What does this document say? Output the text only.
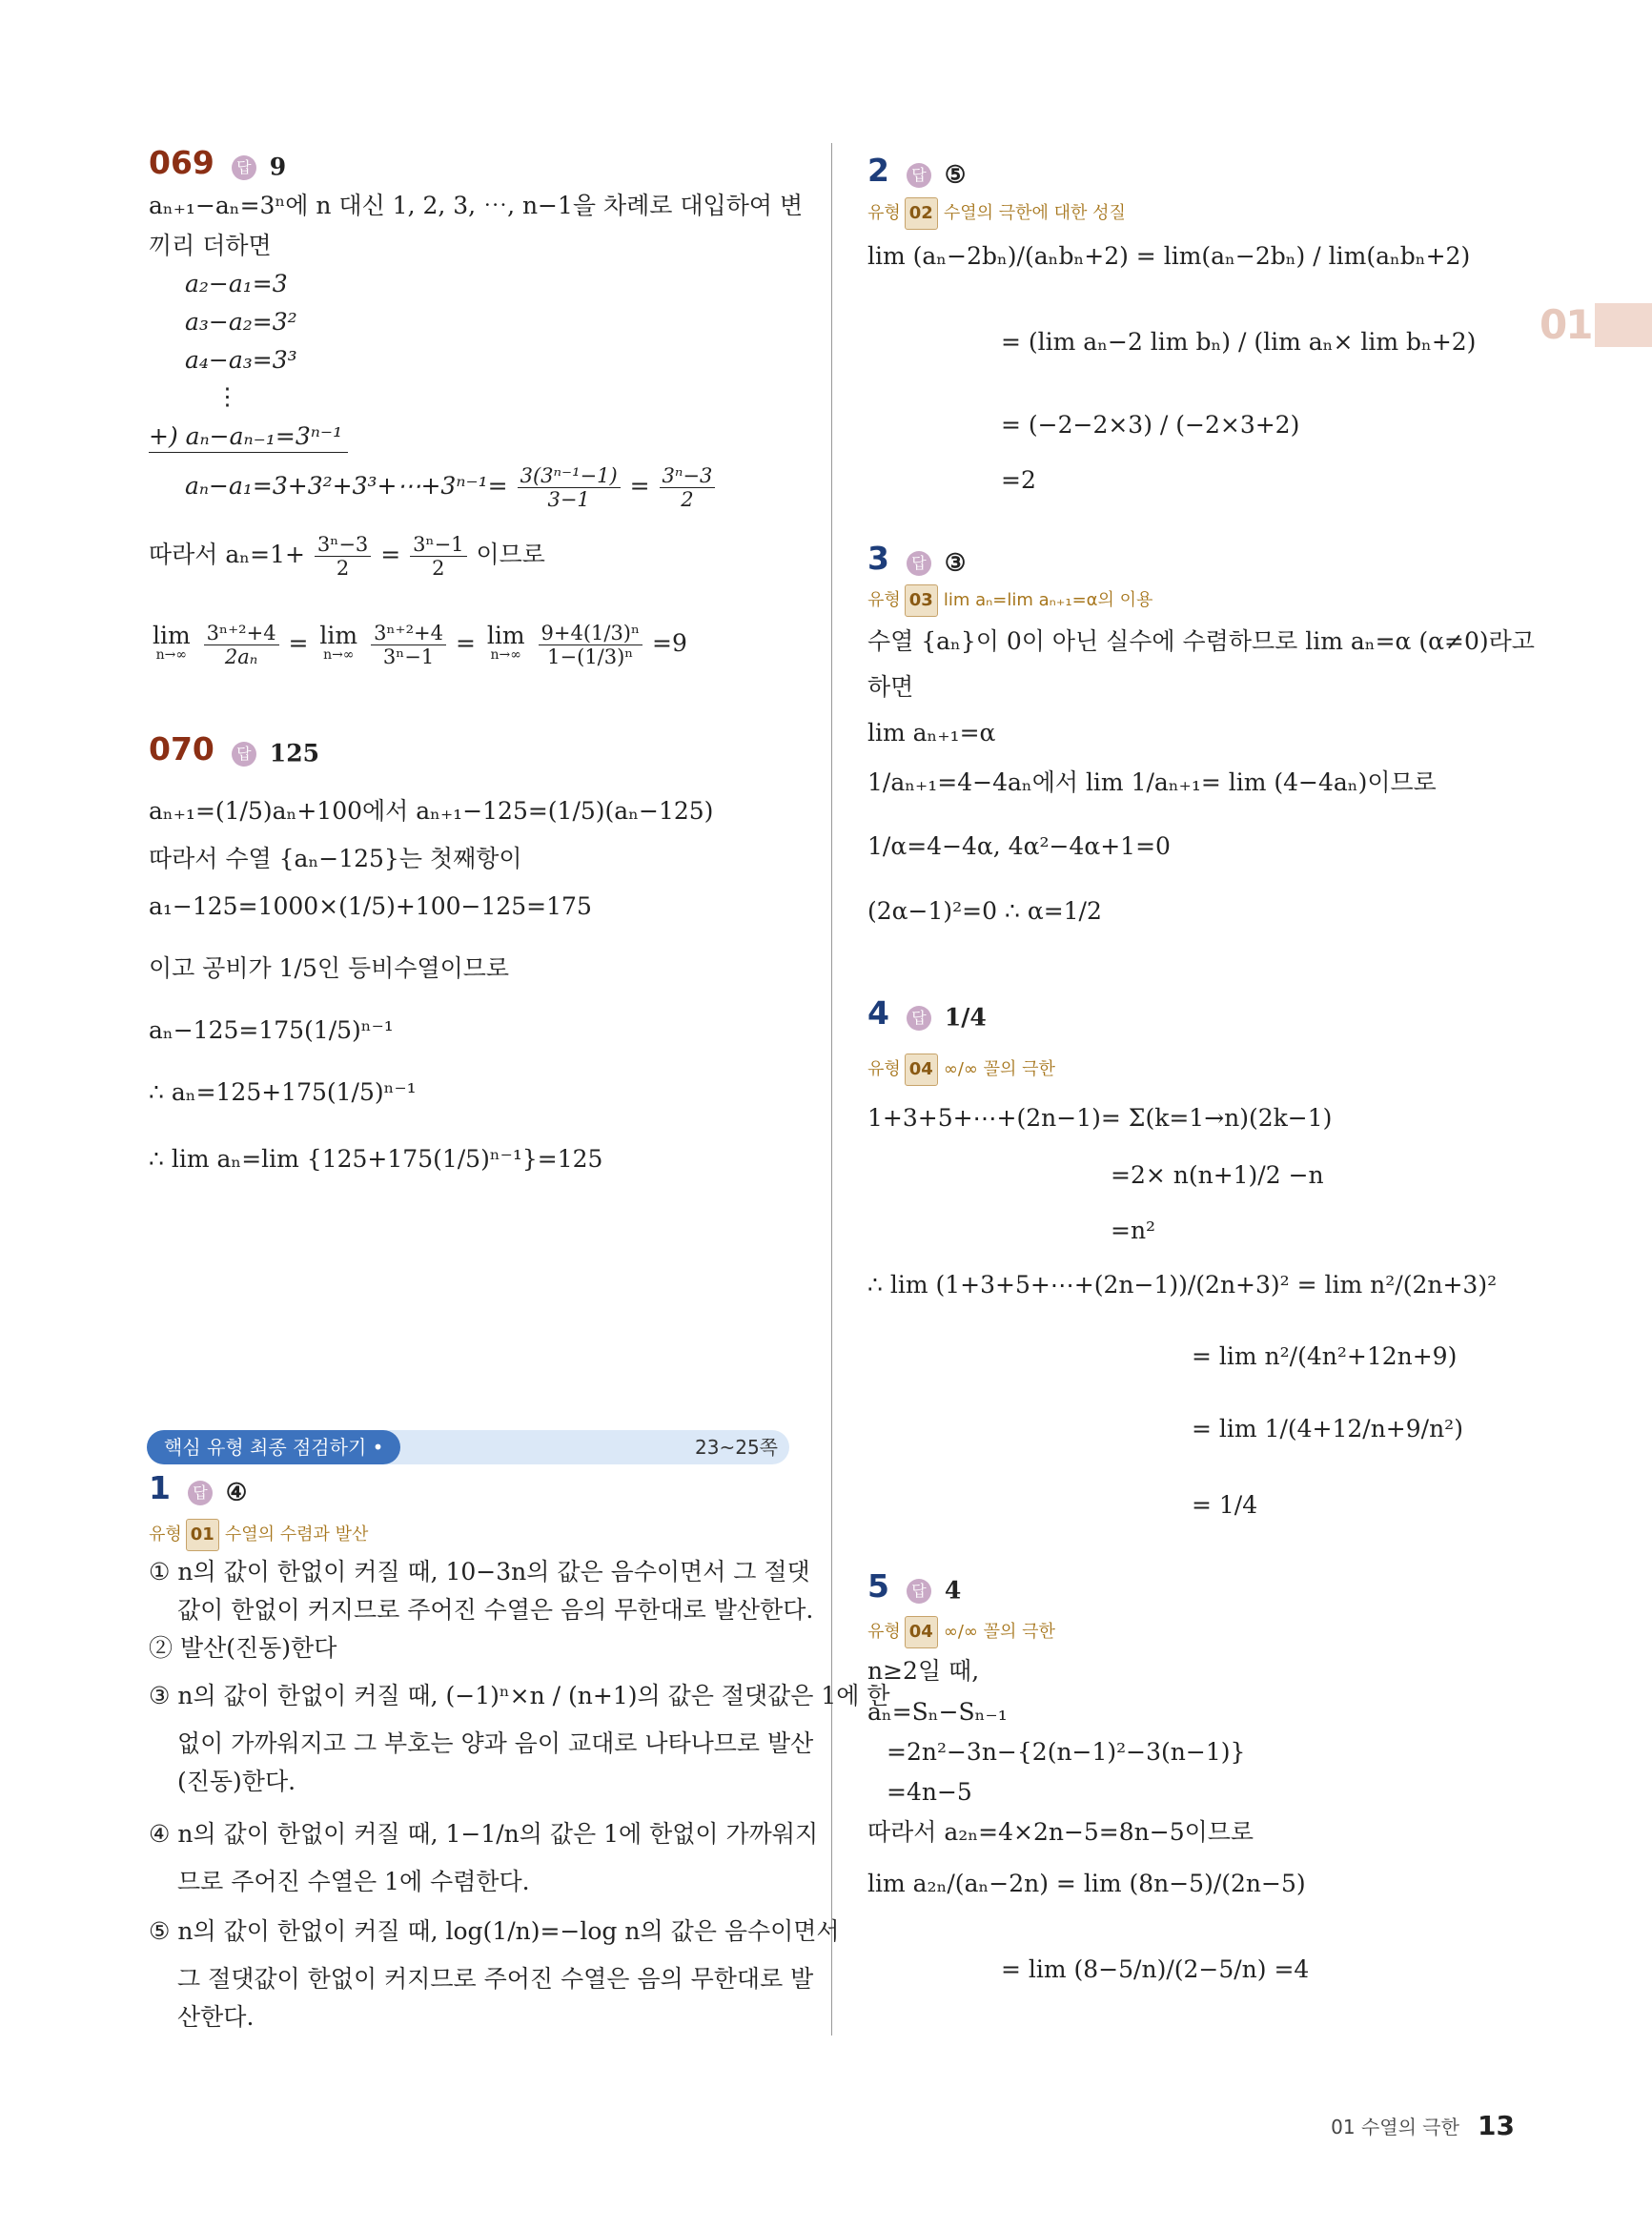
01
069 답 9
aₙ₊₁−aₙ=3ⁿ에 n 대신 1, 2, 3, ⋯, n−1을 차례로 대입하여 변
끼리 더하면
a₂−a₁=3
a₃−a₂=3²
a₄−a₃=3³
⋮
+) aₙ−aₙ₋₁=3ⁿ⁻¹
aₙ−a₁=3+3²+3³+⋯+3ⁿ⁻¹= $\frac{\text{3(3ⁿ⁻¹−1)}}{3-1} = \frac{\text{3ⁿ−3}}{2}$
따라서 $a_n=1+ \frac{\text{3ⁿ−3}}{2} = \frac{\text{3ⁿ−1}}{2}$ 이므로
lim
n→∞
$\frac{\text{3ⁿ⁺²+4}}{\text{2aₙ}} = \lim$
n→∞
$\frac{\text{3ⁿ⁺²+4}}{\text{3ⁿ−1}} = \lim$
n→∞
$\frac{\text{9+4(1/3)ⁿ}}{\text{1−(1/3)ⁿ}} =9$
070 답 125
aₙ₊₁=(1/5)aₙ+100에서 aₙ₊₁−125=(1/5)(aₙ−125)
따라서 수열 {aₙ−125}는 첫째항이
a₁−125=1000×(1/5)+100−125=175
이고 공비가 1/5인 등비수열이므로
aₙ−125=175(1/5)ⁿ⁻¹
∴ aₙ=125+175(1/5)ⁿ⁻¹
∴ lim aₙ=lim {125+175(1/5)ⁿ⁻¹}=125
핵심 유형 최종 점검하기 •	23~25쪽
1 답 ④
유형 01 수열의 수렴과 발산
① n의 값이 한없이 커질 때, 10−3n의 값은 음수이면서 그 절댓
값이 한없이 커지므로 주어진 수열은 음의 무한대로 발산한다.
② 발산(진동)한다
③ n의 값이 한없이 커질 때, (−1)ⁿ×n / (n+1)의 값은 절댓값은 1에 한
없이 가까워지고 그 부호는 양과 음이 교대로 나타나므로 발산
(진동)한다.
④ n의 값이 한없이 커질 때, 1−1/n의 값은 1에 한없이 가까워지
므로 주어진 수열은 1에 수렴한다.
⑤ n의 값이 한없이 커질 때, log(1/n)=−log n의 값은 음수이면서
그 절댓값이 한없이 커지므로 주어진 수열은 음의 무한대로 발
산한다.
2 답 ⑤
유형 02 수열의 극한에 대한 성질
lim (aₙ−2bₙ)/(aₙbₙ+2) = lim(aₙ−2bₙ) / lim(aₙbₙ+2)
= (lim aₙ−2 lim bₙ) / (lim aₙ× lim bₙ+2)
= (−2−2×3) / (−2×3+2)
=2
3 답 ③
유형 03 lim aₙ=lim aₙ₊₁=α의 이용
수열 {aₙ}이 0이 아닌 실수에 수렴하므로 lim aₙ=α (α≠0)라고
하면
lim aₙ₊₁=α
1/aₙ₊₁=4−4aₙ에서 lim 1/aₙ₊₁= lim (4−4aₙ)이므로
1/α=4−4α, 4α²−4α+1=0
(2α−1)²=0 ∴ α=1/2
4 답 1/4
유형 04 ∞/∞ 꼴의 극한
1+3+5+⋯+(2n−1)= Σ(k=1→n)(2k−1)
=2× n(n+1)/2 −n
=n²
∴ lim (1+3+5+⋯+(2n−1))/(2n+3)² = lim n²/(2n+3)²
= lim n²/(4n²+12n+9)
= lim 1/(4+12/n+9/n²)
= 1/4
5 답 4
유형 04 ∞/∞ 꼴의 극한
n≥2일 때,
aₙ=Sₙ−Sₙ₋₁
=2n²−3n−{2(n−1)²−3(n−1)}
=4n−5
따라서 a₂ₙ=4×2n−5=8n−5이므로
lim a₂ₙ/(aₙ−2n) = lim (8n−5)/(2n−5)
= lim (8−5/n)/(2−5/n) =4
01 수열의 극한 13
